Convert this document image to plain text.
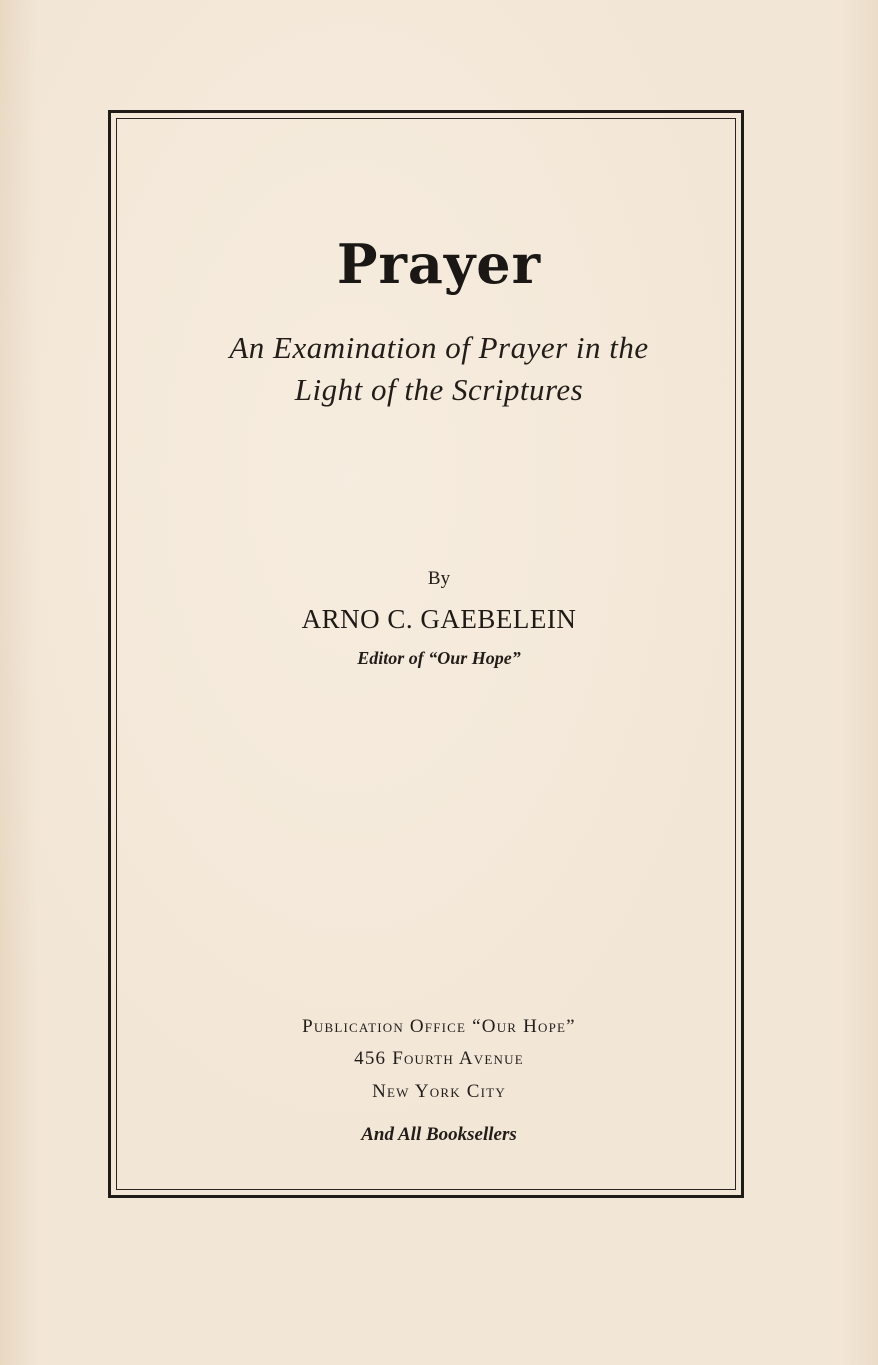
Prayer
An Examination of Prayer in the
Light of the Scriptures
By
ARNO C. GAEBELEIN
Editor of “Our Hope”
Publication Office “Our Hope”
456 Fourth Avenue
New York City
And All Booksellers
